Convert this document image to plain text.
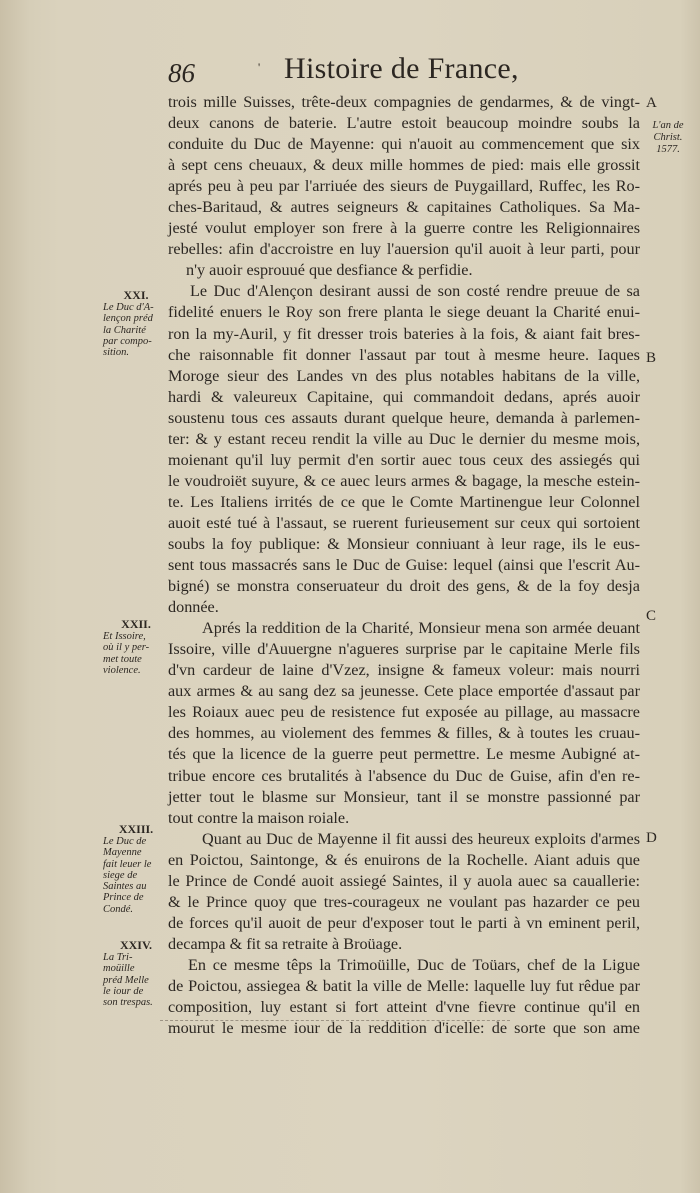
86	' Histoire de France,
A
L'an de
Christ.
1577.
B
C
D
XXI.
Le Duc d'A-
lençon préd
la Charité
par compo-
sition.
XXII.
Et Issoire,
où il y per-
met toute
violence.
XXIII.
Le Duc de
Mayenne
fait leuer le
siege de
Saintes au
Prince de
Condé.
XXIV.
La Tri-
moüille
préd Melle
le iour de
son trespas.
trois mille Suisses, trête-deux compagnies de gendarmes, & de vingt-
deux canons de baterie. L'autre estoit beaucoup moindre soubs la
conduite du Duc de Mayenne: qui n'auoit au commencement que six
à sept cens cheuaux, & deux mille hommes de pied: mais elle grossit
aprés peu à peu par l'arriuée des sieurs de Puygaillard, Ruffec, les Ro-
ches-Baritaud, & autres seigneurs & capitaines Catholiques. Sa Ma-
jesté voulut employer son frere à la guerre contre les Religionnaires
rebelles: afin d'accroistre en luy l'auersion qu'il auoit à leur parti, pour
n'y auoir esprouué que desfiance & perfidie.
Le Duc d'Alençon desirant aussi de son costé rendre preuue de sa
fidelité enuers le Roy son frere planta le siege deuant la Charité enui-
ron la my-Auril, y fit dresser trois bateries à la fois, & aiant fait bres-
che raisonnable fit donner l'assaut par tout à mesme heure. Iaques
Moroge sieur des Landes vn des plus notables habitans de la ville,
hardi & valeureux Capitaine, qui commandoit dedans, aprés auoir
soustenu tous ces assauts durant quelque heure, demanda à parlemen-
ter: & y estant receu rendit la ville au Duc le dernier du mesme mois,
moienant qu'il luy permit d'en sortir auec tous ceux des assiegés qui
le voudroiët suyure, & ce auec leurs armes & bagage, la mesche estein-
te. Les Italiens irrités de ce que le Comte Martinengue leur Colonnel
auoit esté tué à l'assaut, se ruerent furieusement sur ceux qui sortoient
soubs la foy publique: & Monsieur conniuant à leur rage, ils le eus-
sent tous massacrés sans le Duc de Guise: lequel (ainsi que l'escrit Au-
bigné) se monstra conseruateur du droit des gens, & de la foy desja
donnée.
Aprés la reddition de la Charité, Monsieur mena son armée deuant
Issoire, ville d'Auuergne n'agueres surprise par le capitaine Merle fils
d'vn cardeur de laine d'Vzez, insigne & fameux voleur: mais nourri
aux armes & au sang dez sa jeunesse. Cete place emportée d'assaut par
les Roiaux auec peu de resistence fut exposée au pillage, au massacre
des hommes, au violement des femmes & filles, & à toutes les cruau-
tés que la licence de la guerre peut permettre. Le mesme Aubigné at-
tribue encore ces brutalités à l'absence du Duc de Guise, afin d'en re-
jetter tout le blasme sur Monsieur, tant il se monstre passionné par
tout contre la maison roiale.
Quant au Duc de Mayenne il fit aussi des heureux exploits d'armes
en Poictou, Saintonge, & és enuirons de la Rochelle. Aiant aduis que
le Prince de Condé auoit assiegé Saintes, il y auola auec sa cauallerie:
& le Prince quoy que tres-courageux ne voulant pas hazarder ce peu
de forces qu'il auoit de peur d'exposer tout le parti à vn eminent peril,
decampa & fit sa retraite à Broüage.
En ce mesme têps la Trimoüille, Duc de Toüars, chef de la Ligue
de Poictou, assiegea & batit la ville de Melle: laquelle luy fut rêdue par
composition, luy estant si fort atteint d'vne fievre continue qu'il en
mourut le mesme iour de la reddition d'icelle: de sorte que son ame
